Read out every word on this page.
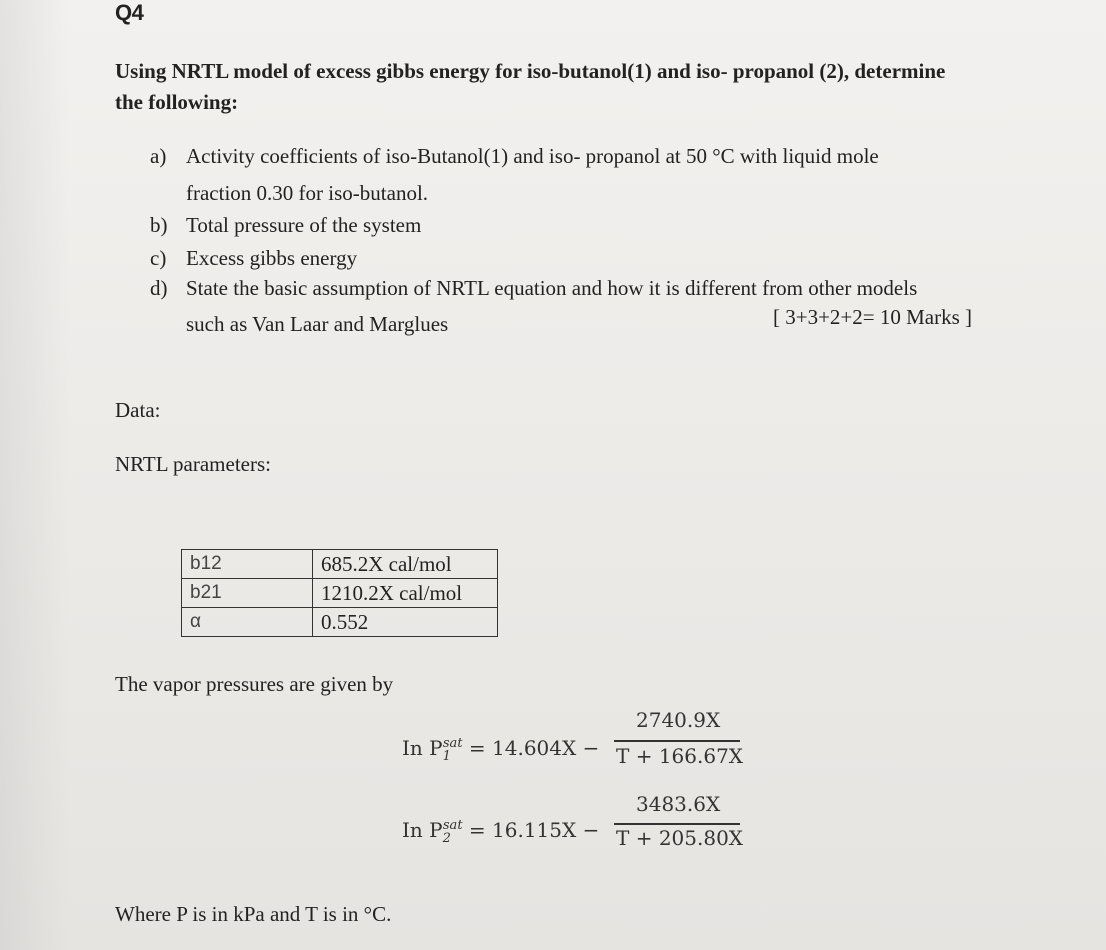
Q4
Using NRTL model of excess gibbs energy for iso-butanol(1) and iso- propanol (2), determine
the following:
a) Activity coefficients of iso-Butanol(1) and iso- propanol at 50 °C with liquid mole
fraction 0.30 for iso-butanol.
b) Total pressure of the system
c) Excess gibbs energy
d) State the basic assumption of NRTL equation and how it is different from other models
such as Van Laar and Marglues	[ 3+3+2+2= 10 Marks ]
Data:
NRTL parameters:
b12	685.2X cal/mol
b21	1210.2X cal/mol
α	0.552
The vapor pressures are given by
In $P_1^{sat} = 14.604X$ −
2740.9X
T + 166.67X
In $P_2^{sat} = 16.115X$ −
3483.6X
T + 205.80X
Where P is in kPa and T is in °C.
